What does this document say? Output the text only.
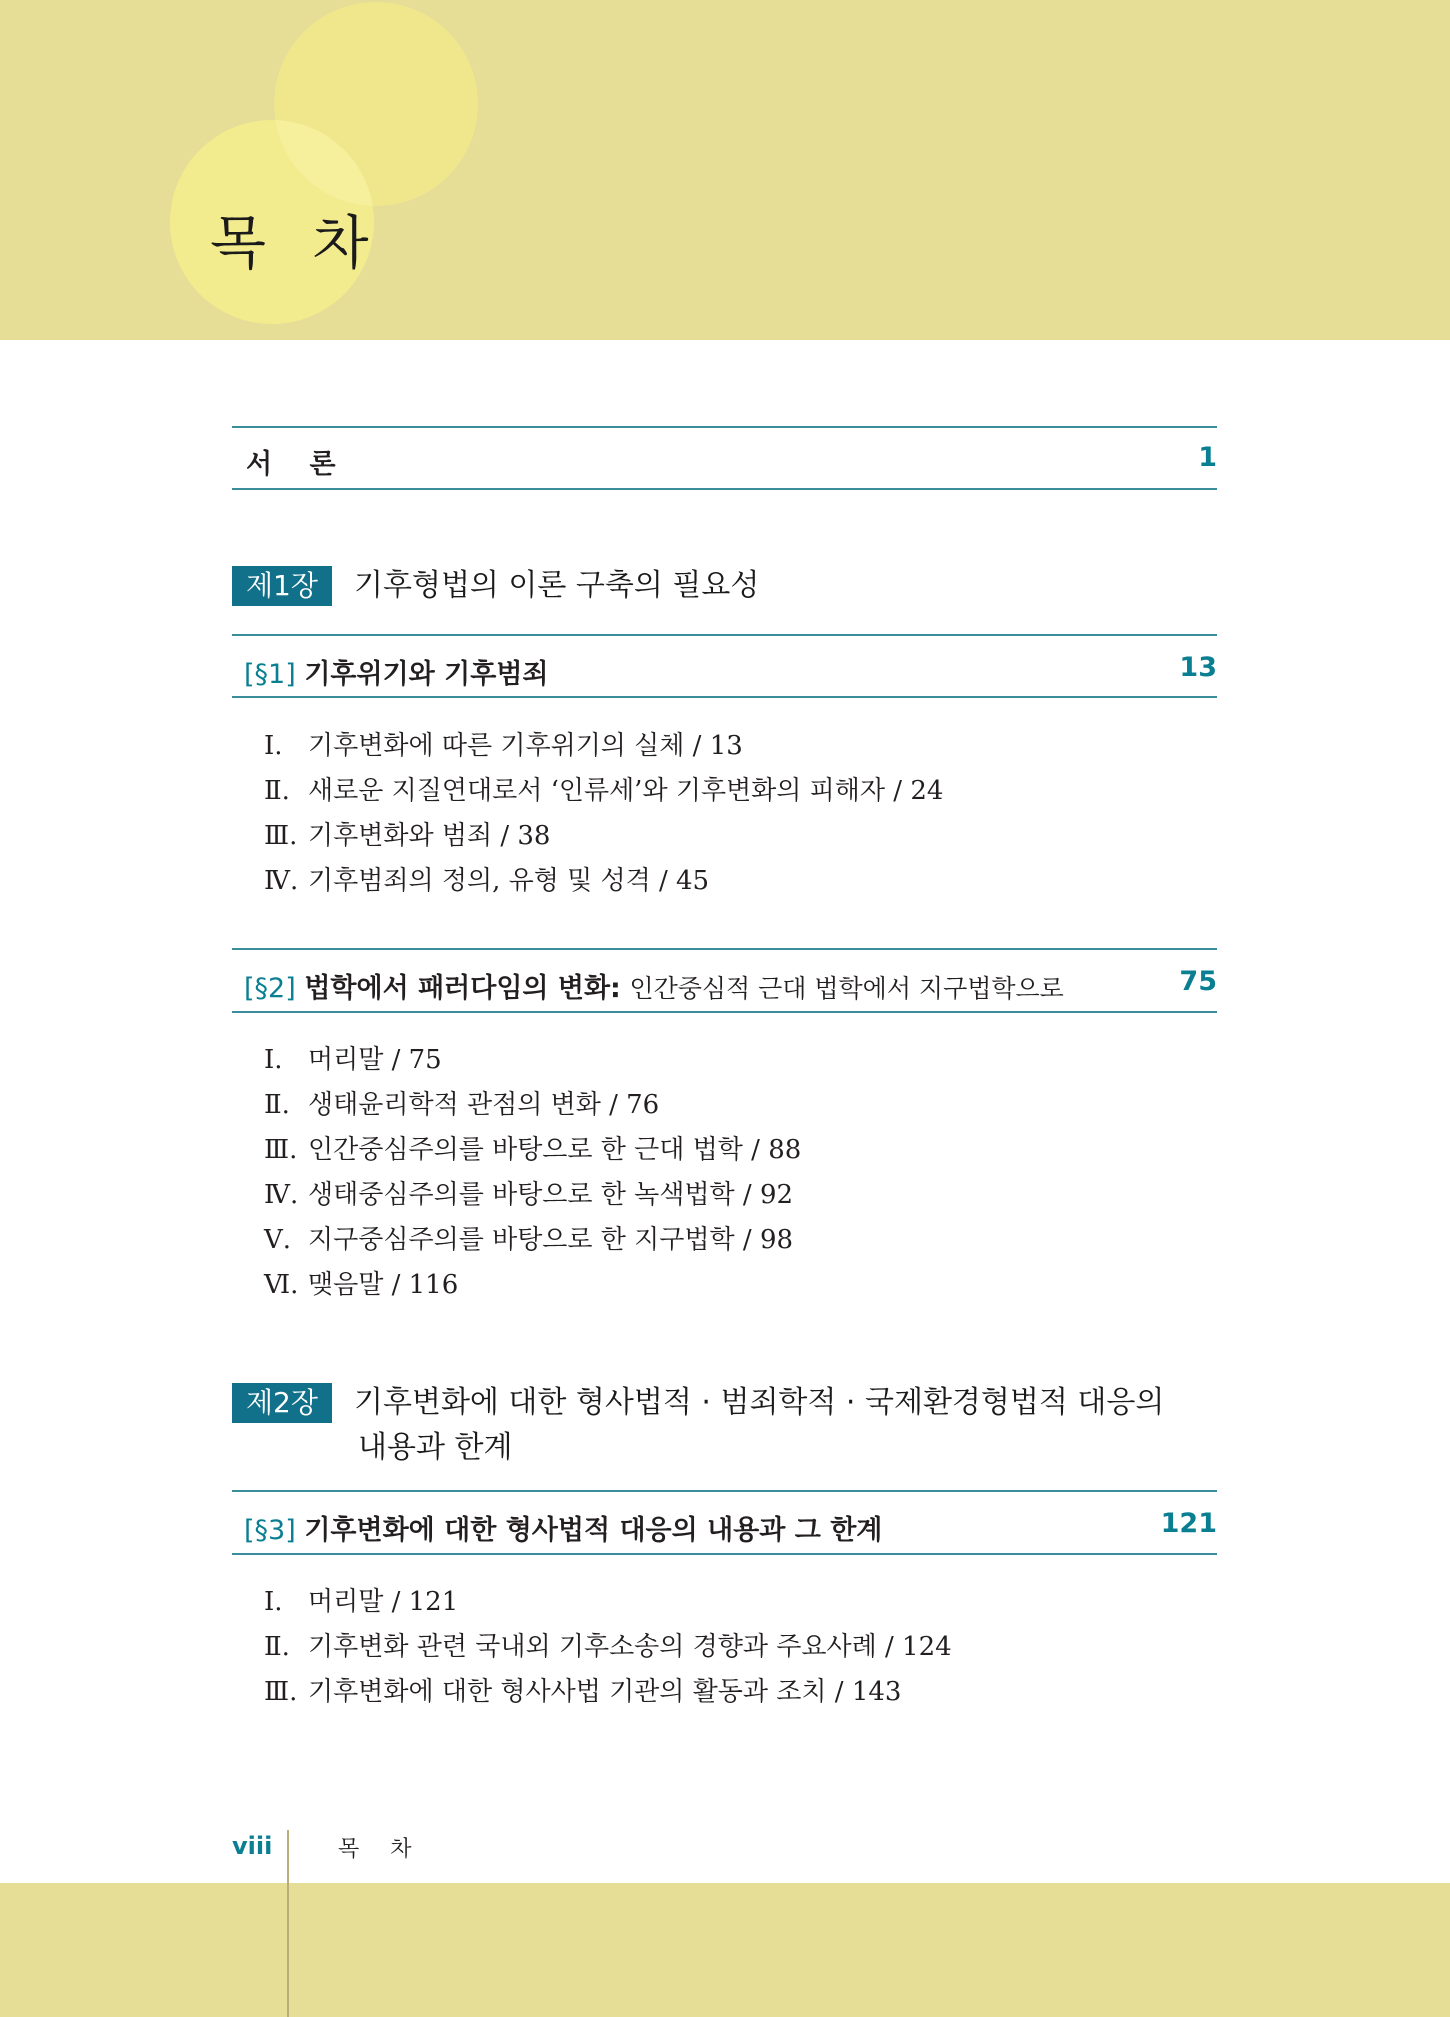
목 차
서 론	1
제1장	기후형법의 이론 구축의 필요성
[§1] 기후위기와 기후범죄	13
Ⅰ. 기후변화에 따른 기후위기의 실체 / 13
Ⅱ. 새로운 지질연대로서 ‘인류세’와 기후변화의 피해자 / 24
Ⅲ. 기후변화와 범죄 / 38
Ⅳ. 기후범죄의 정의, 유형 및 성격 / 45
[§2] 법학에서 패러다임의 변화: 인간중심적 근대 법학에서 지구법학으로	75
Ⅰ. 머리말 / 75
Ⅱ. 생태윤리학적 관점의 변화 / 76
Ⅲ. 인간중심주의를 바탕으로 한 근대 법학 / 88
Ⅳ. 생태중심주의를 바탕으로 한 녹색법학 / 92
Ⅴ. 지구중심주의를 바탕으로 한 지구법학 / 98
Ⅵ. 맺음말 / 116
제2장	기후변화에 대한 형사법적 · 범죄학적 · 국제환경형법적 대응의
내용과 한계
[§3] 기후변화에 대한 형사법적 대응의 내용과 그 한계	121
Ⅰ. 머리말 / 121
Ⅱ. 기후변화 관련 국내외 기후소송의 경향과 주요사례 / 124
Ⅲ. 기후변화에 대한 형사사법 기관의 활동과 조치 / 143
viii	목 차
